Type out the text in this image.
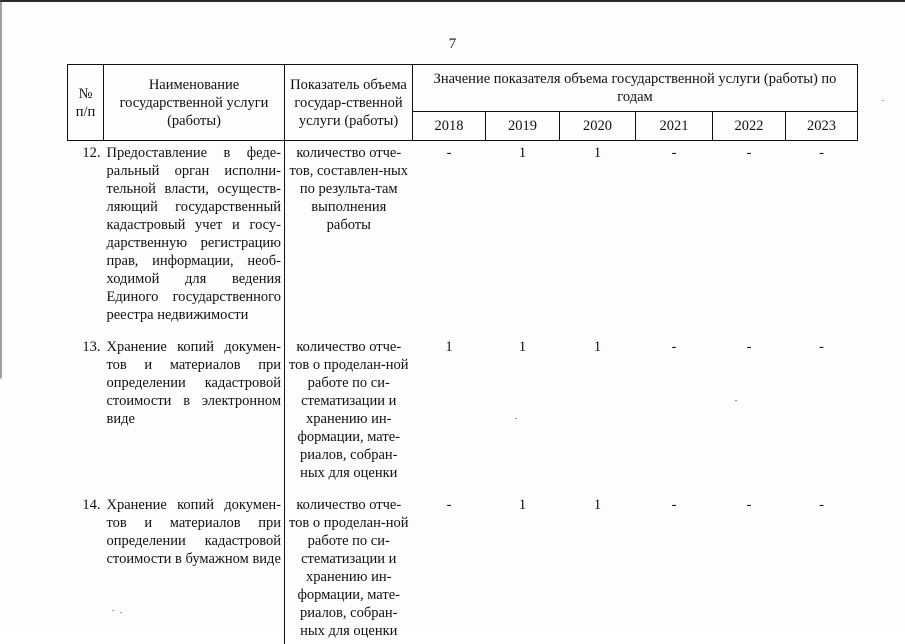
7
№ п/п	Наименование государственной услуги (работы)	Показатель объема государ-ственной услуги (работы)	Значение показателя объема государственной услуги (работы) по годам					
			2018	2019	2020	2021	2022	2023
12.	Предоставление в феде-ральный орган исполни-тельной власти, осуществ-ляющий государственный кадастровый учет и госу-дарственную регистрацию прав, информации, необ-ходимой для ведения Единого государственного реестра недвижимости	количество отче-тов, составлен-ных по результа-там выполнения работы	-	1	1	-	-	-
13.	Хранение копий докумен-тов и материалов при определении кадастровой стоимости в электронном виде	количество отче-тов о проделан-ной работе по си-стематизации и хранению ин-формации, мате-риалов, собран-ных для оценки	1	1	1	-	-	-
14.	Хранение копий докумен-тов и материалов при определении кадастровой стоимости в бумажном виде	количество отче-тов о проделан-ной работе по си-стематизации и хранению ин-формации, мате-риалов, собран-ных для оценки	-	1	1	-	-	-
